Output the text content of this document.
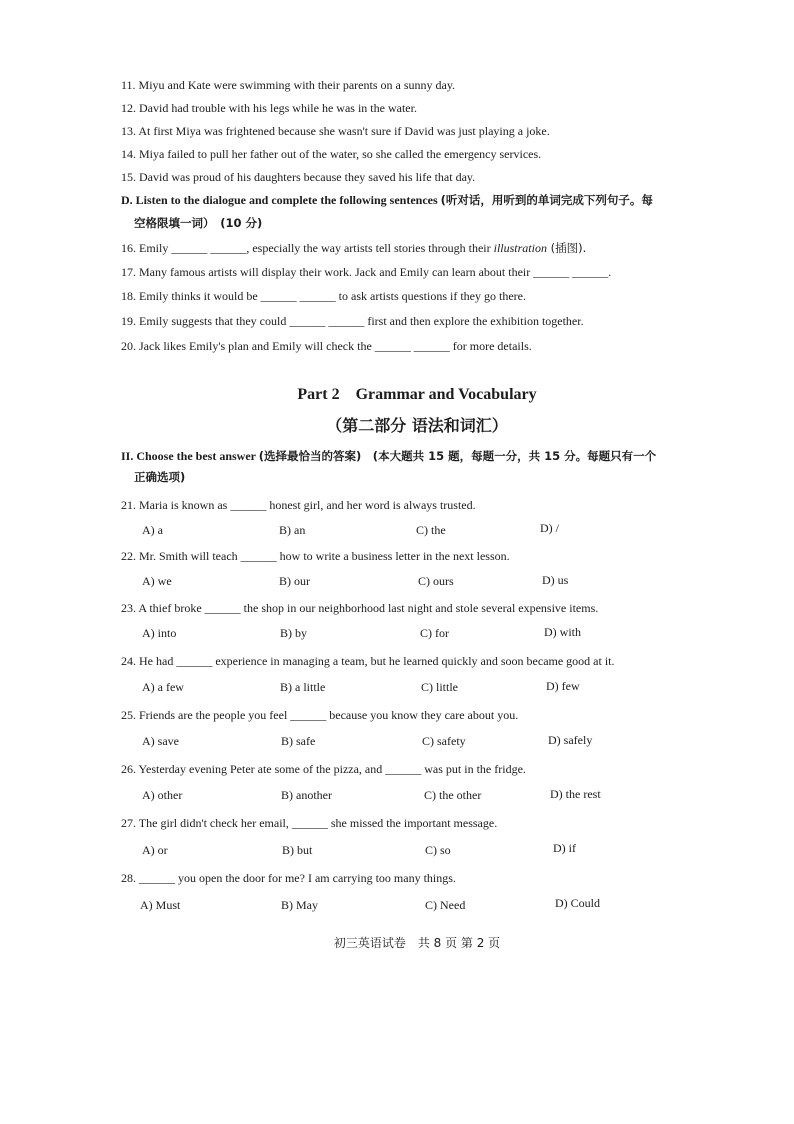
11. Miyu and Kate were swimming with their parents on a sunny day.
12. David had trouble with his legs while he was in the water.
13. At first Miya was frightened because she wasn't sure if David was just playing a joke.
14. Miya failed to pull her father out of the water, so she called the emergency services.
15. David was proud of his daughters because they saved his life that day.
D. Listen to the dialogue and complete the following sentences (听对话，用听到的单词完成下列句子。每
空格限填一词）　(10 分)
16. Emily ______ ______, especially the way artists tell stories through their illustration (插图).
17. Many famous artists will display their work. Jack and Emily can learn about their ______ ______.
18. Emily thinks it would be ______ ______ to ask artists questions if they go there.
19. Emily suggests that they could ______ ______ first and then explore the exhibition together.
20. Jack likes Emily's plan and Emily will check the ______ ______ for more details.
Part 2　Grammar and Vocabulary
（第二部分 语法和词汇）
II. Choose the best answer (选择最恰当的答案)　(本大题共 15 题，每题一分，共 15 分。每题只有一个
正确选项)
21. Maria is known as ______ honest girl, and her word is always trusted.
A) a	B) an	C) the	D) /
22. Mr. Smith will teach ______ how to write a business letter in the next lesson.
A) we	B) our	C) ours	D) us
23. A thief broke ______ the shop in our neighborhood last night and stole several expensive items.
A) into	B) by	C) for	D) with
24. He had ______ experience in managing a team, but he learned quickly and soon became good at it.
A) a few	B) a little	C) little	D) few
25. Friends are the people you feel ______ because you know they care about you.
A) save	B) safe	C) safety	D) safely
26. Yesterday evening Peter ate some of the pizza, and ______ was put in the fridge.
A) other	B) another	C) the other	D) the rest
27. The girl didn't check her email, ______ she missed the important message.
A) or	B) but	C) so	D) if
28. ______ you open the door for me? I am carrying too many things.
A) Must	B) May	C) Need	D) Could
初三英语试卷　共 8 页 第 2 页
